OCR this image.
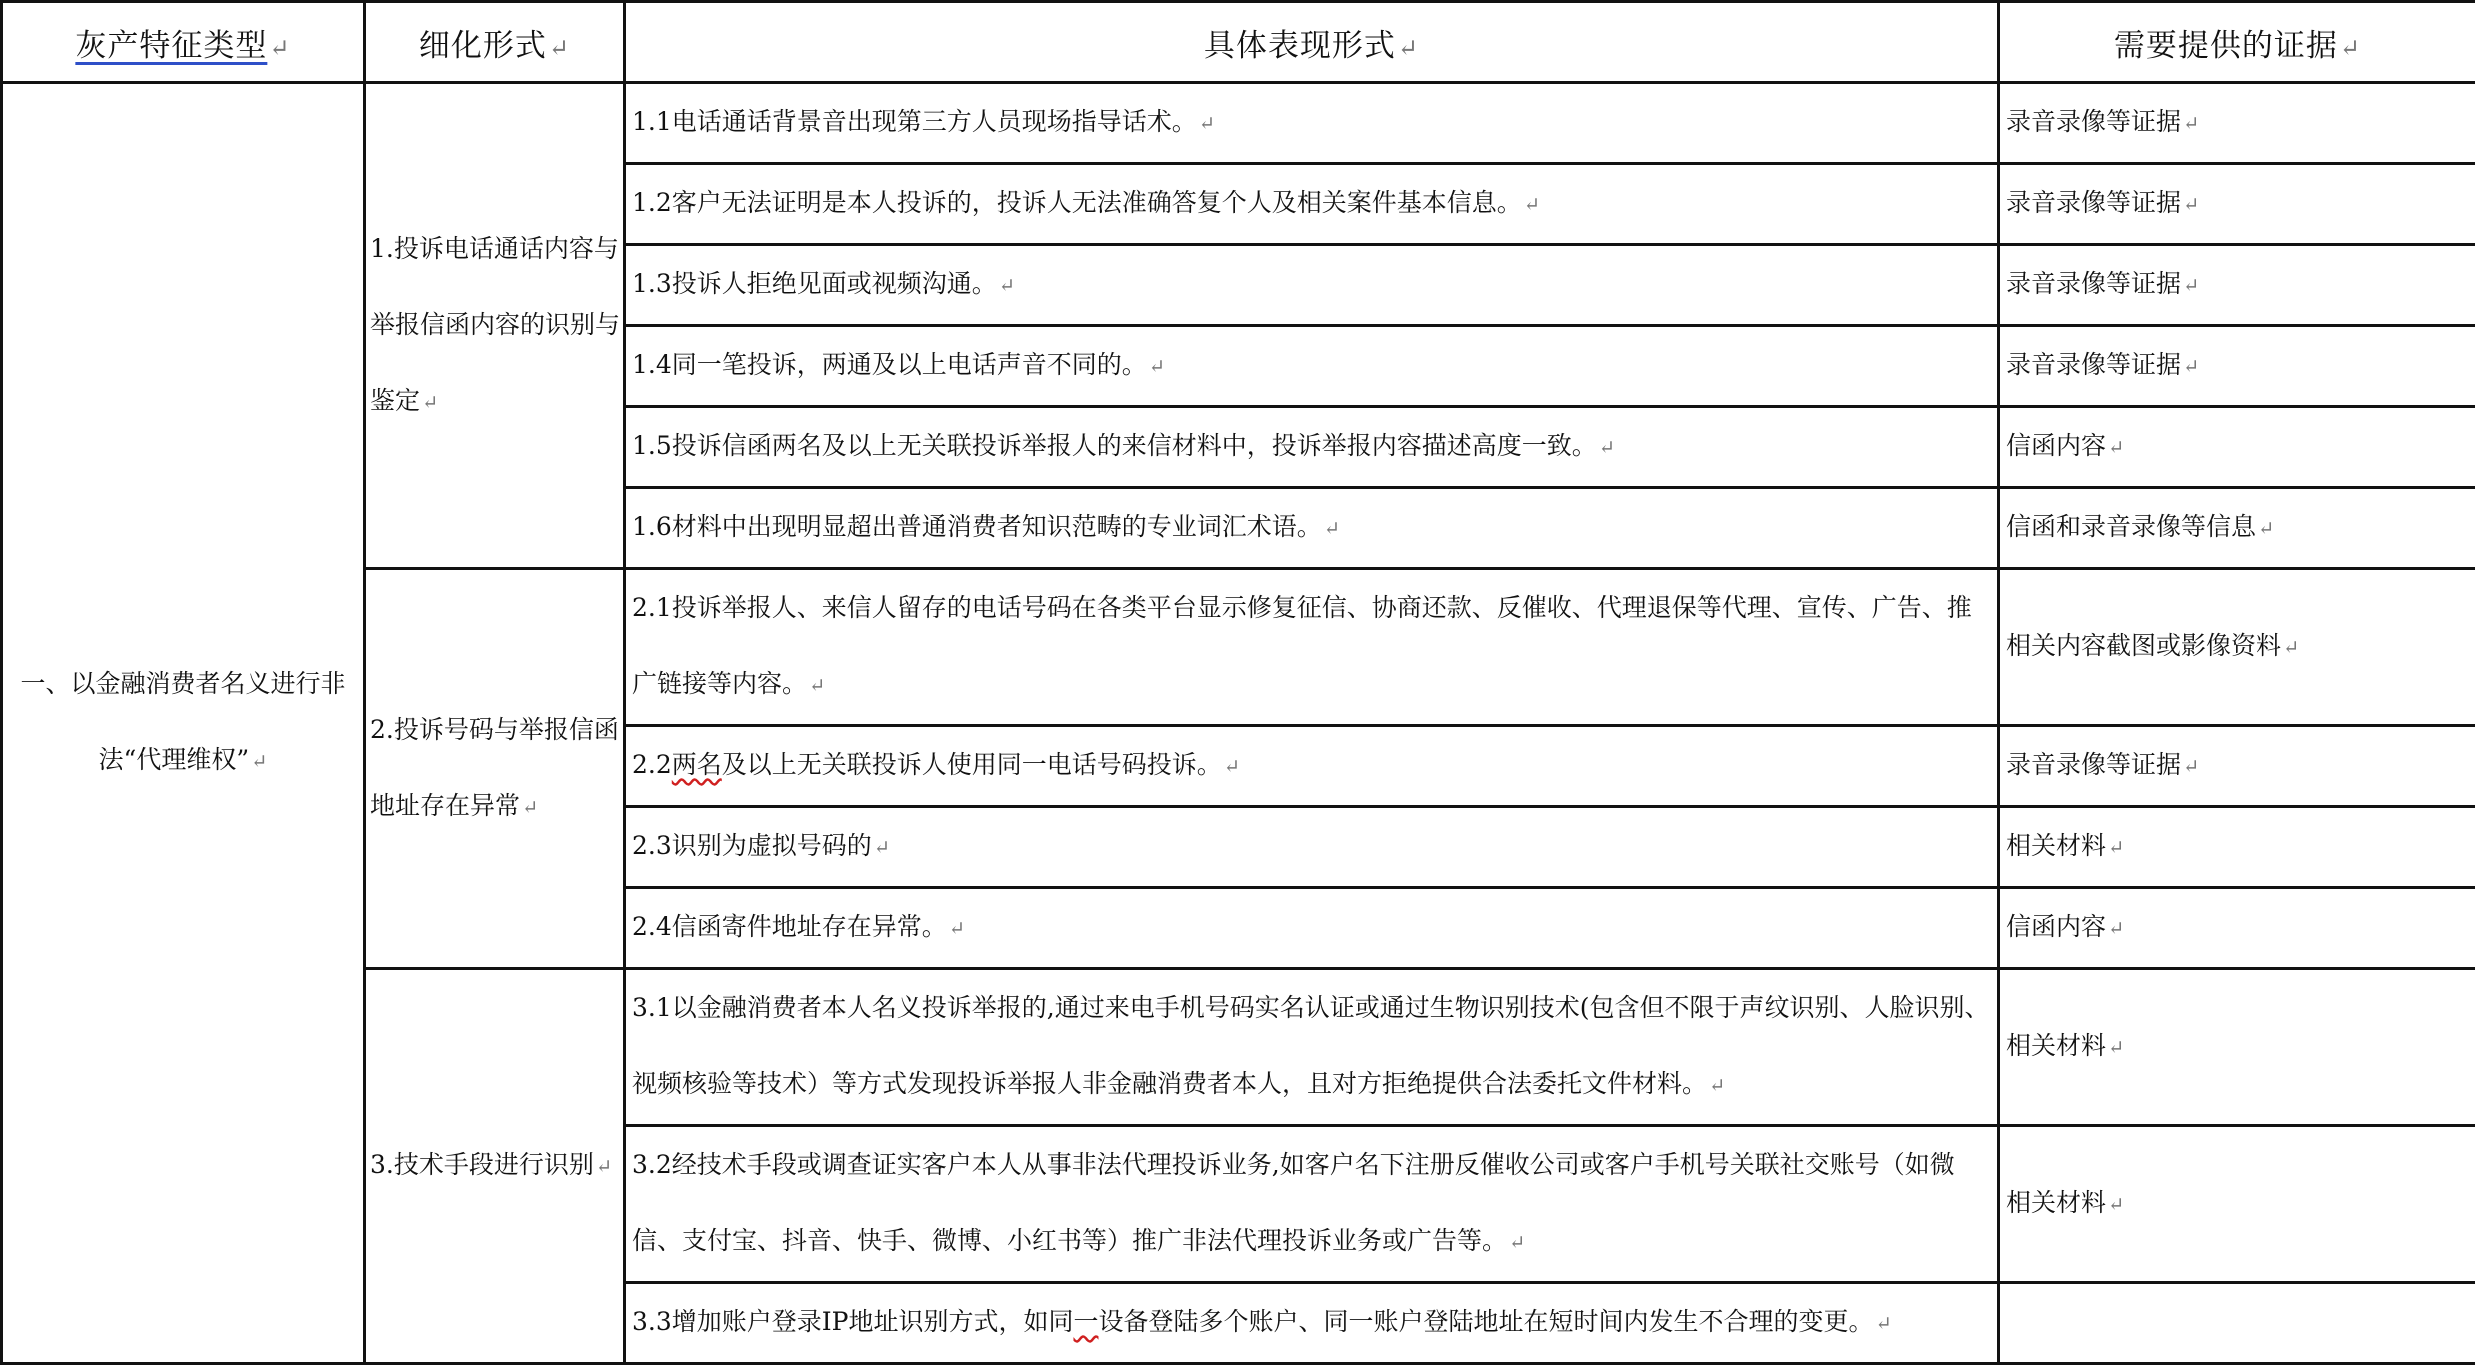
灰产特征类型↵	细化形式↵	具体表现形式↵	需要提供的证据↵
一、以金融消费者名义进行非法“代理维权” ↵	1.投诉电话通话内容与举报信函内容的识别与鉴定 ↵	1.1电话通话背景音出现第三方人员现场指导话术。 ↵	录音录像等证据 ↵
		1.2客户无法证明是本人投诉的，投诉人无法准确答复个人及相关案件基本信息。 ↵	录音录像等证据 ↵
		1.3投诉人拒绝见面或视频沟通。 ↵	录音录像等证据 ↵
		1.4同一笔投诉，两通及以上电话声音不同的。 ↵	录音录像等证据 ↵
		1.5投诉信函两名及以上无关联投诉举报人的来信材料中，投诉举报内容描述高度一致。 ↵	信函内容 ↵
		1.6材料中出现明显超出普通消费者知识范畴的专业词汇术语。 ↵	信函和录音录像等信息 ↵
	2.投诉号码与举报信函地址存在异常 ↵	2.1投诉举报人、来信人留存的电话号码在各类平台显示修复征信、协商还款、反催收、代理退保等代理、宣传、广告、推广链接等内容。 ↵	相关内容截图或影像资料 ↵
		2.2两名及以上无关联投诉人使用同一电话号码投诉。 ↵	录音录像等证据 ↵
		2.3识别为虚拟号码的 ↵	相关材料 ↵
		2.4信函寄件地址存在异常。 ↵	信函内容 ↵
	3.技术手段进行识别 ↵	3.1以金融消费者本人名义投诉举报的,通过来电手机号码实名认证或通过生物识别技术(包含但不限于声纹识别、人脸识别、视频核验等技术）等方式发现投诉举报人非金融消费者本人，且对方拒绝提供合法委托文件材料。 ↵	相关材料 ↵
		3.2经技术手段或调查证实客户本人从事非法代理投诉业务,如客户名下注册反催收公司或客户手机号关联社交账号（如微信、支付宝、抖音、快手、微博、小红书等）推广非法代理投诉业务或广告等。 ↵	相关材料 ↵
		3.3增加账户登录IP地址识别方式，如同一设备登陆多个账户、同一账户登陆地址在短时间内发生不合理的变更。 ↵	
